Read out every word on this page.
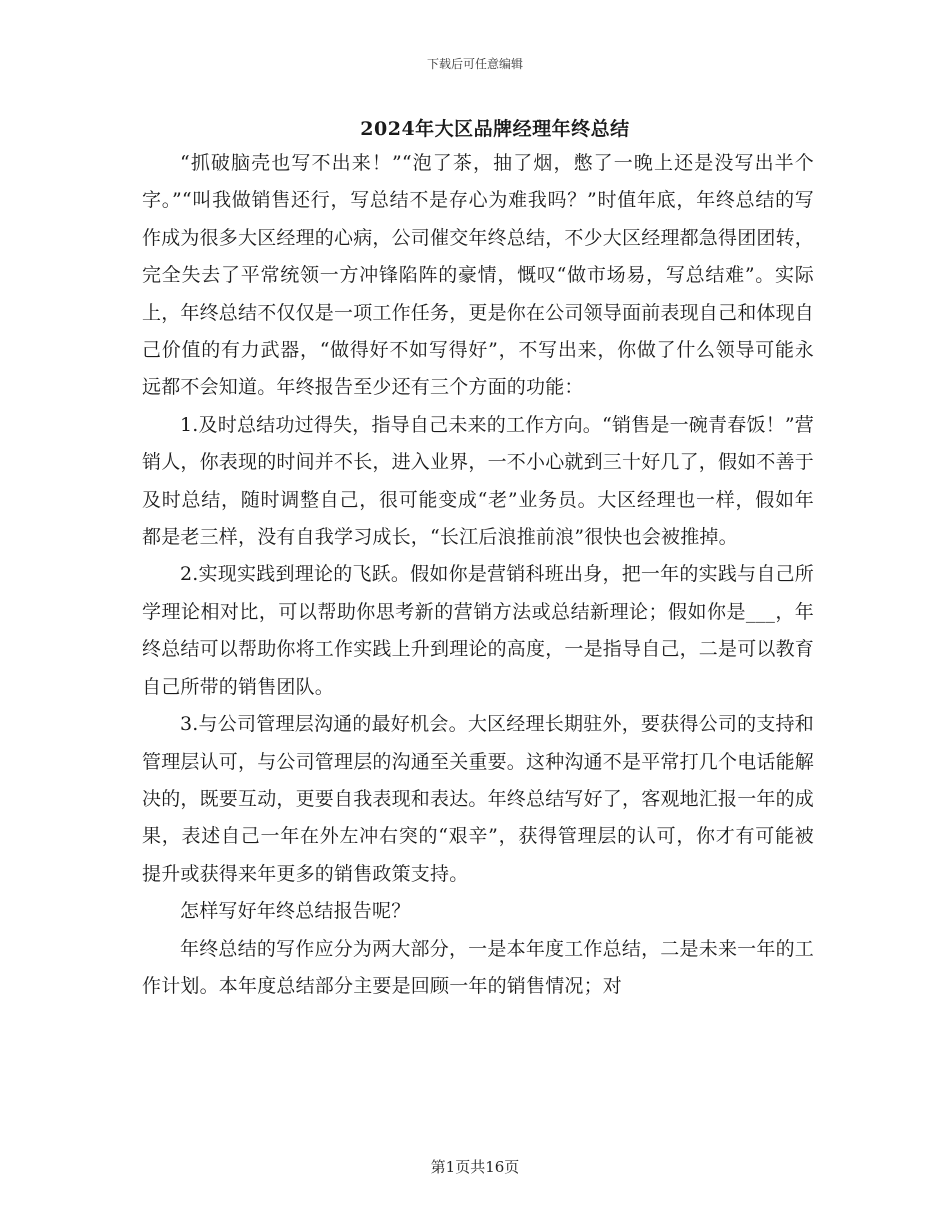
下载后可任意编辑
2024年大区品牌经理年终总结

“抓破脑壳也写不出来！”“泡了茶，抽了烟，憋了一晚上还是没写出半个字。”“叫我做销售还行，写总结不是存心为难我吗？”时值年底，年终总结的写作成为很多大区经理的心病，公司催交年终总结，不少大区经理都急得团团转，完全失去了平常统领一方冲锋陷阵的豪情，慨叹“做市场易，写总结难”。实际上，年终总结不仅仅是一项工作任务，更是你在公司领导面前表现自己和体现自己价值的有力武器，“做得好不如写得好”，不写出来，你做了什么领导可能永远都不会知道。年终报告至少还有三个方面的功能：

1.及时总结功过得失，指导自己未来的工作方向。“销售是一碗青春饭！”营销人，你表现的时间并不长，进入业界，一不小心就到三十好几了，假如不善于及时总结，随时调整自己，很可能变成“老”业务员。大区经理也一样，假如年都是老三样，没有自我学习成长，“长江后浪推前浪”很快也会被推掉。

2.实现实践到理论的飞跃。假如你是营销科班出身，把一年的实践与自己所学理论相对比，可以帮助你思考新的营销方法或总结新理论；假如你是___，年终总结可以帮助你将工作实践上升到理论的高度，一是指导自己，二是可以教育自己所带的销售团队。

3.与公司管理层沟通的最好机会。大区经理长期驻外，要获得公司的支持和管理层认可，与公司管理层的沟通至关重要。这种沟通不是平常打几个电话能解决的，既要互动，更要自我表现和表达。年终总结写好了，客观地汇报一年的成果，表述自己一年在外左冲右突的“艰辛”，获得管理层的认可，你才有可能被提升或获得来年更多的销售政策支持。

怎样写好年终总结报告呢？

年终总结的写作应分为两大部分，一是本年度工作总结，二是未来一年的工作计划。本年度总结部分主要是回顾一年的销售情况；对

第1页共16页
